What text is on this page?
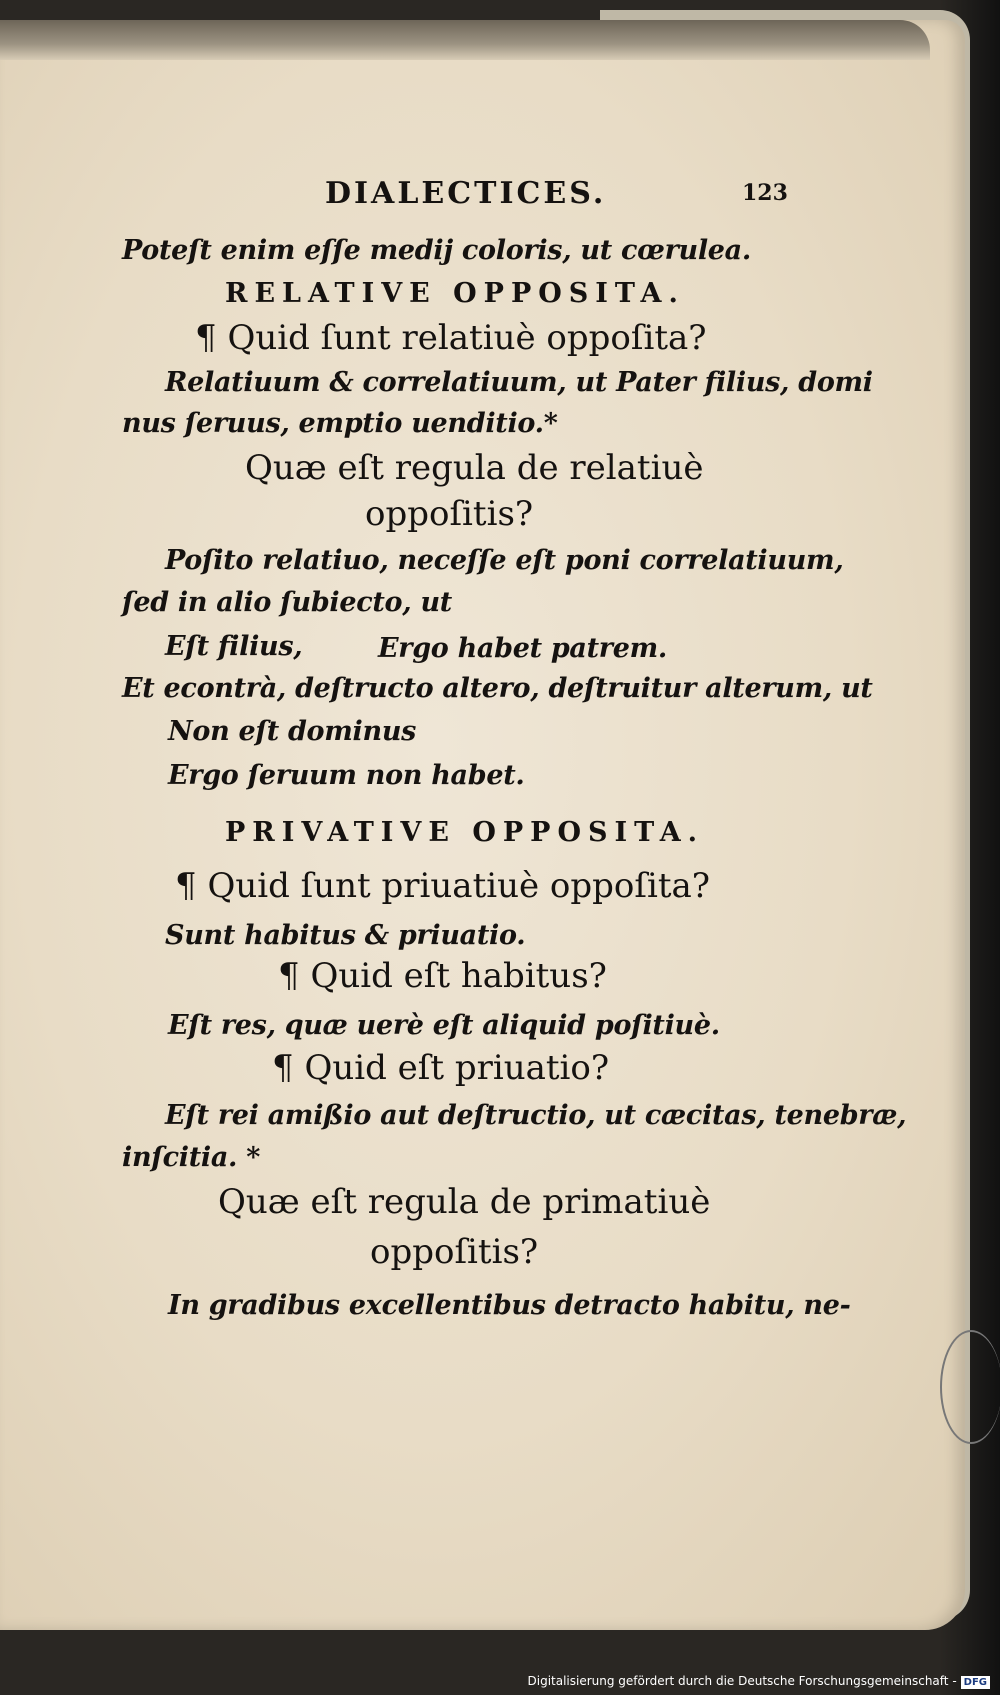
DIALECTICES.	123
Poteſt enim eſſe medij coloris, ut cœrulea.
RELATIVE OPPOSITA.
¶ Quid ſunt relatiuè oppoſita?
Relatiuum & correlatiuum, ut Pater filius, domi
nus ſeruus, emptio uenditio.*
Quæ eſt regula de relatiuè
oppoſitis?
Poſito relatiuo, neceſſe eſt poni correlatiuum,
ſed in alio ſubiecto, ut
Eſt filius,	Ergo habet patrem.
Et econtrà, deſtructo altero, deſtruitur alterum, ut
Non eſt dominus
Ergo ſeruum non habet.
PRIVATIVE OPPOSITA.
¶ Quid ſunt priuatiuè oppoſita?
Sunt habitus & priuatio.
¶ Quid eſt habitus?
Eſt res, quæ uerè eſt aliquid poſitiuè.
¶ Quid eſt priuatio?
Eſt rei amißio aut deſtructio, ut cæcitas, tenebræ,
inſcitia. *
Quæ eſt regula de primatiuè
oppoſitis?
In gradibus excellentibus detracto habitu, ne-
Digitalisierung gefördert durch die Deutsche Forschungsgemeinschaft - DFG
